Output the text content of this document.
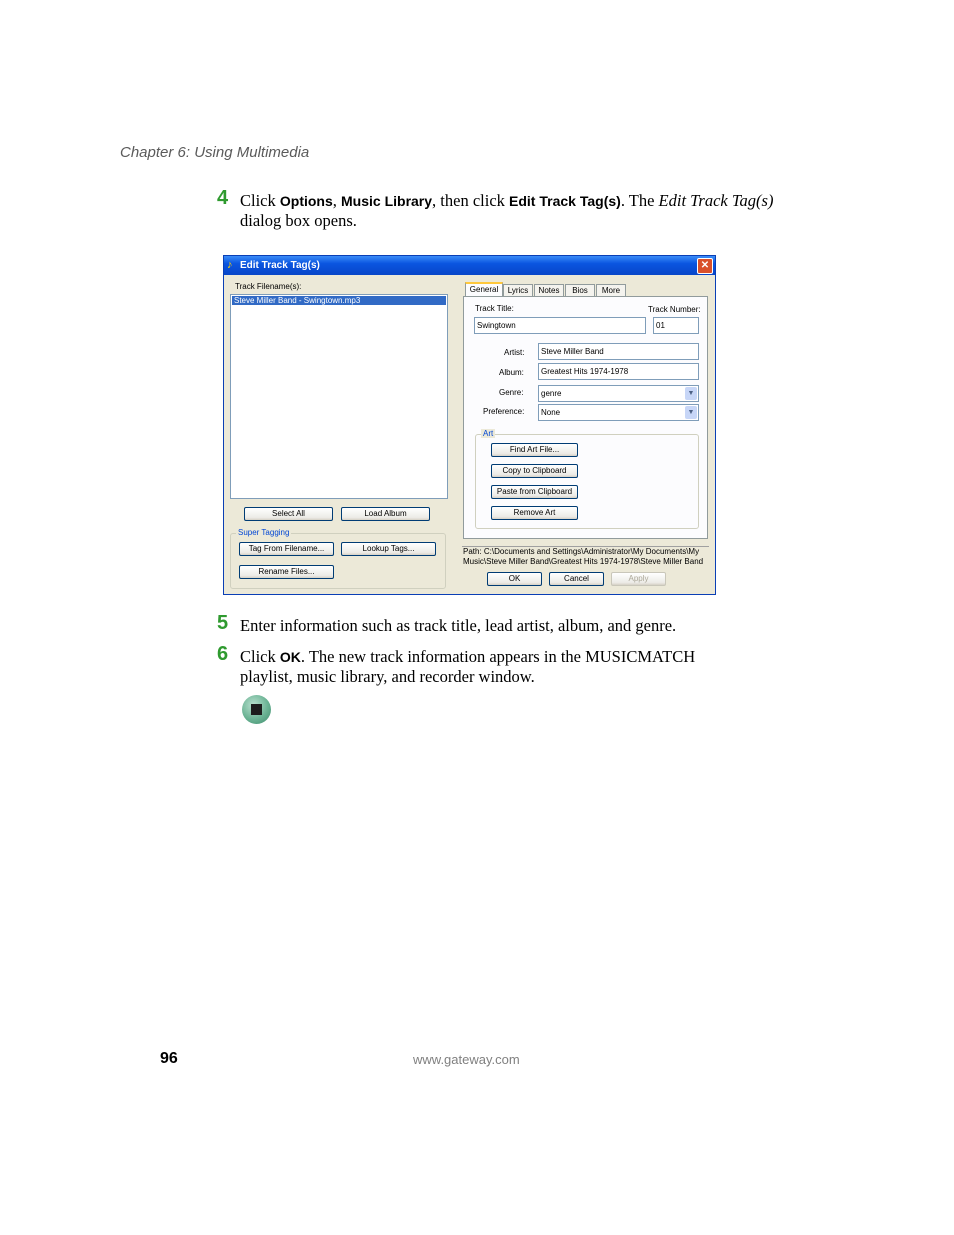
Chapter 6: Using Multimedia
4 Click Options, Music Library, then click Edit Track Tag(s). The Edit Track Tag(s) dialog box opens.
♪ Edit Track Tag(s)	✕
Track Filename(s):
Steve Miller Band - Swingtown.mp3
Select All	Load Album
Super Tagging
Tag From Filename...	Lookup Tags...
Rename Files...
General	Lyrics	Notes	Bios	More
Track Title:
Swingtown
Track Number:
01
Artist:	Steve Miller Band
Album:	Greatest Hits 1974-1978
Genre:	genre	▼
Preference:	None	▼
Art
Find Art File...
Copy to Clipboard
Paste from Clipboard
Remove Art
Path: C:\Documents and Settings\Administrator\My Documents\My
Music\Steve Miller Band\Greatest Hits 1974-1978\Steve Miller Band
OK	Cancel	Apply
5 Enter information such as track title, lead artist, album, and genre.
6 Click OK. The new track information appears in the MUSICMATCH playlist, music library, and recorder window.
96	www.gateway.com
